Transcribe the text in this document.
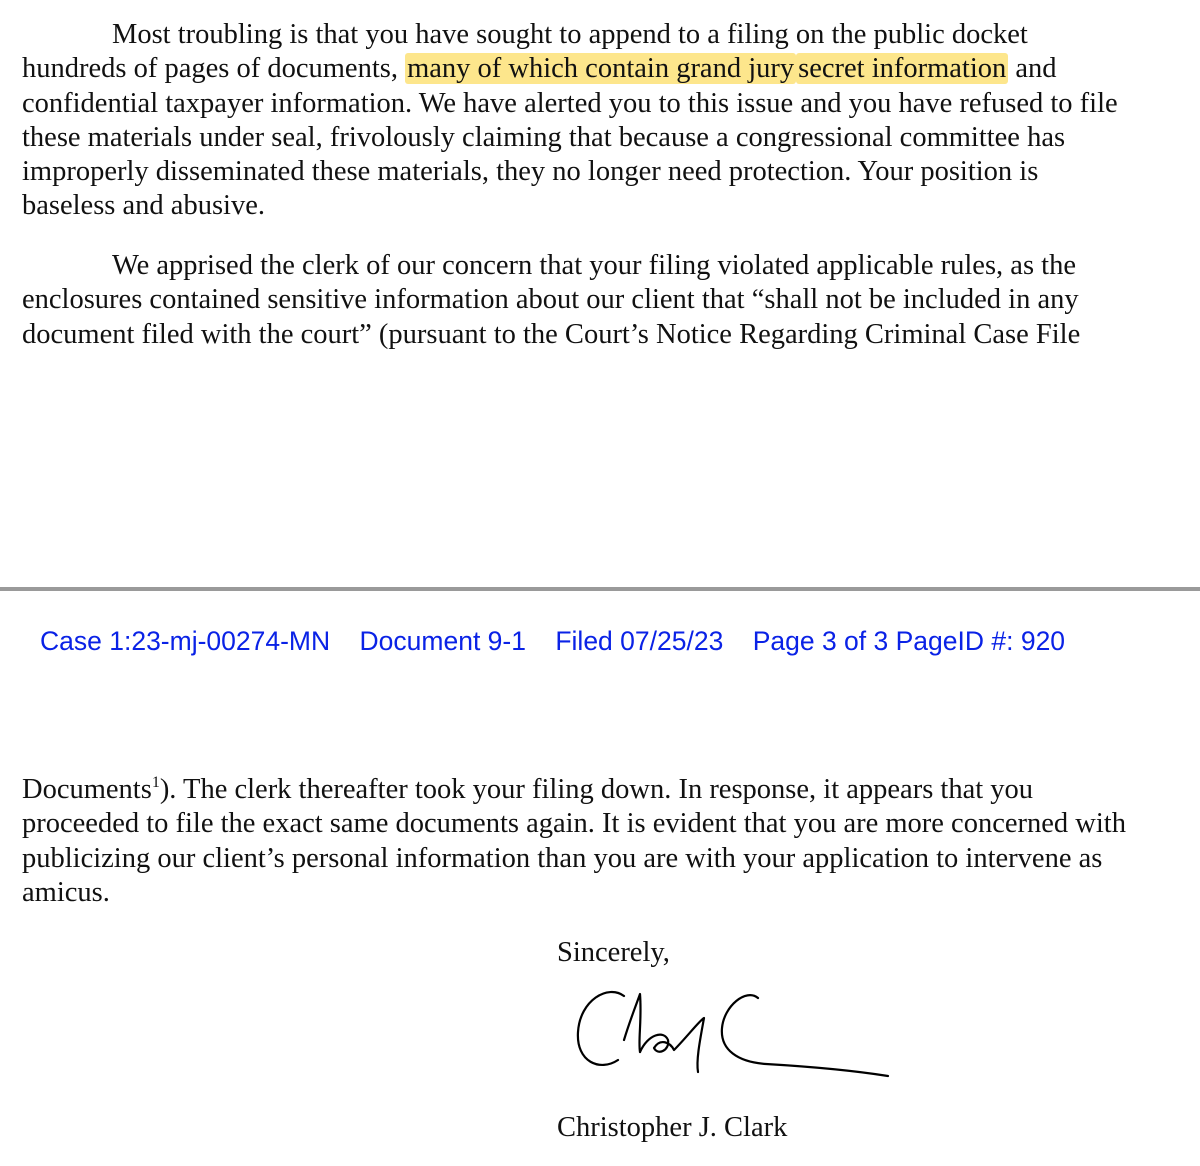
Most troubling is that you have sought to append to a filing on the public docket
hundreds of pages of documents, many of which contain grand jury secret information and
confidential taxpayer information. We have alerted you to this issue and you have refused to file
these materials under seal, frivolously claiming that because a congressional committee has
improperly disseminated these materials, they no longer need protection. Your position is
baseless and abusive.

We apprised the clerk of our concern that your filing violated applicable rules, as the
enclosures contained sensitive information about our client that “shall not be included in any
document filed with the court” (pursuant to the Court’s Notice Regarding Criminal Case File

Case 1:23-mj-00274-MN Document 9-1 Filed 07/25/23 Page 3 of 3 PageID #: 920

Documents$^1$). The clerk thereafter took your filing down. In response, it appears that you
proceeded to file the exact same documents again. It is evident that you are more concerned with
publicizing our client’s personal information than you are with your application to intervene as
amicus.

Sincerely,
Christopher J. Clark
